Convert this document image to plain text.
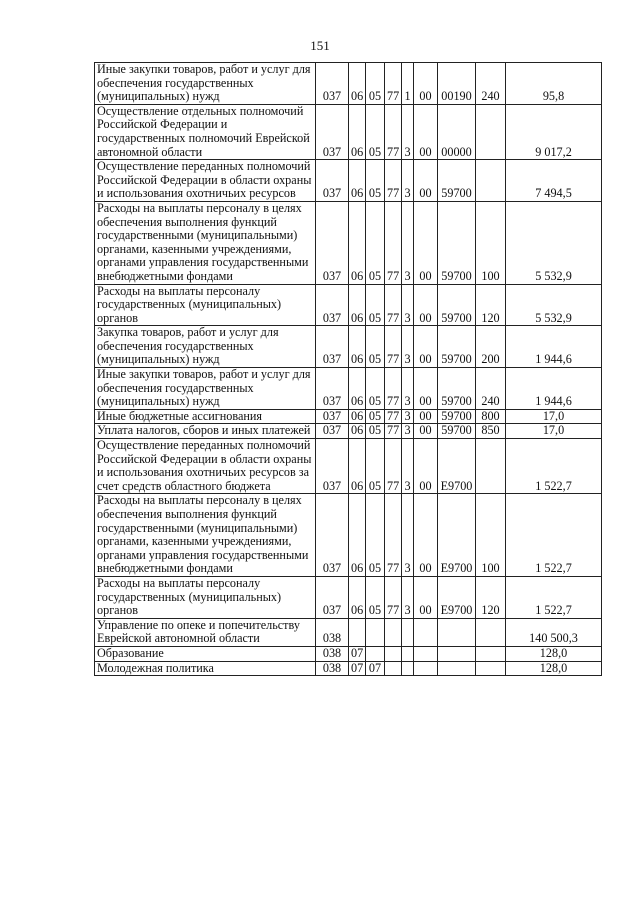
151
Иные закупки товаров, работ и услуг для обеспечения государственных (муниципальных) нужд	037	06	05	77	1	00	00190	240	95,8
Осуществление отдельных полномочий Российской Федерации и государственных полномочий Еврейской автономной области	037	06	05	77	3	00	00000		9 017,2
Осуществление переданных полномочий Российской Федерации в области охраны и использования охотничьих ресурсов	037	06	05	77	3	00	59700		7 494,5
Расходы на выплаты персоналу в целях обеспечения выполнения функций государственными (муниципальными) органами, казенными учреждениями, органами управления государственными внебюджетными фондами	037	06	05	77	3	00	59700	100	5 532,9
Расходы на выплаты персоналу государственных (муниципальных) органов	037	06	05	77	3	00	59700	120	5 532,9
Закупка товаров, работ и услуг для обеспечения государственных (муниципальных) нужд	037	06	05	77	3	00	59700	200	1 944,6
Иные закупки товаров, работ и услуг для обеспечения государственных (муниципальных) нужд	037	06	05	77	3	00	59700	240	1 944,6
Иные бюджетные ассигнования	037	06	05	77	3	00	59700	800	17,0
Уплата налогов, сборов и иных платежей	037	06	05	77	3	00	59700	850	17,0
Осуществление переданных полномочий Российской Федерации в области охраны и использования охотничьих ресурсов за счет средств областного бюджета	037	06	05	77	3	00	E9700		1 522,7
Расходы на выплаты персоналу в целях обеспечения выполнения функций государственными (муниципальными) органами, казенными учреждениями, органами управления государственными внебюджетными фондами	037	06	05	77	3	00	E9700	100	1 522,7
Расходы на выплаты персоналу государственных (муниципальных) органов	037	06	05	77	3	00	E9700	120	1 522,7
Управление по опеке и попечительству Еврейской автономной области	038								140 500,3
Образование	038	07							128,0
Молодежная политика	038	07	07						128,0
